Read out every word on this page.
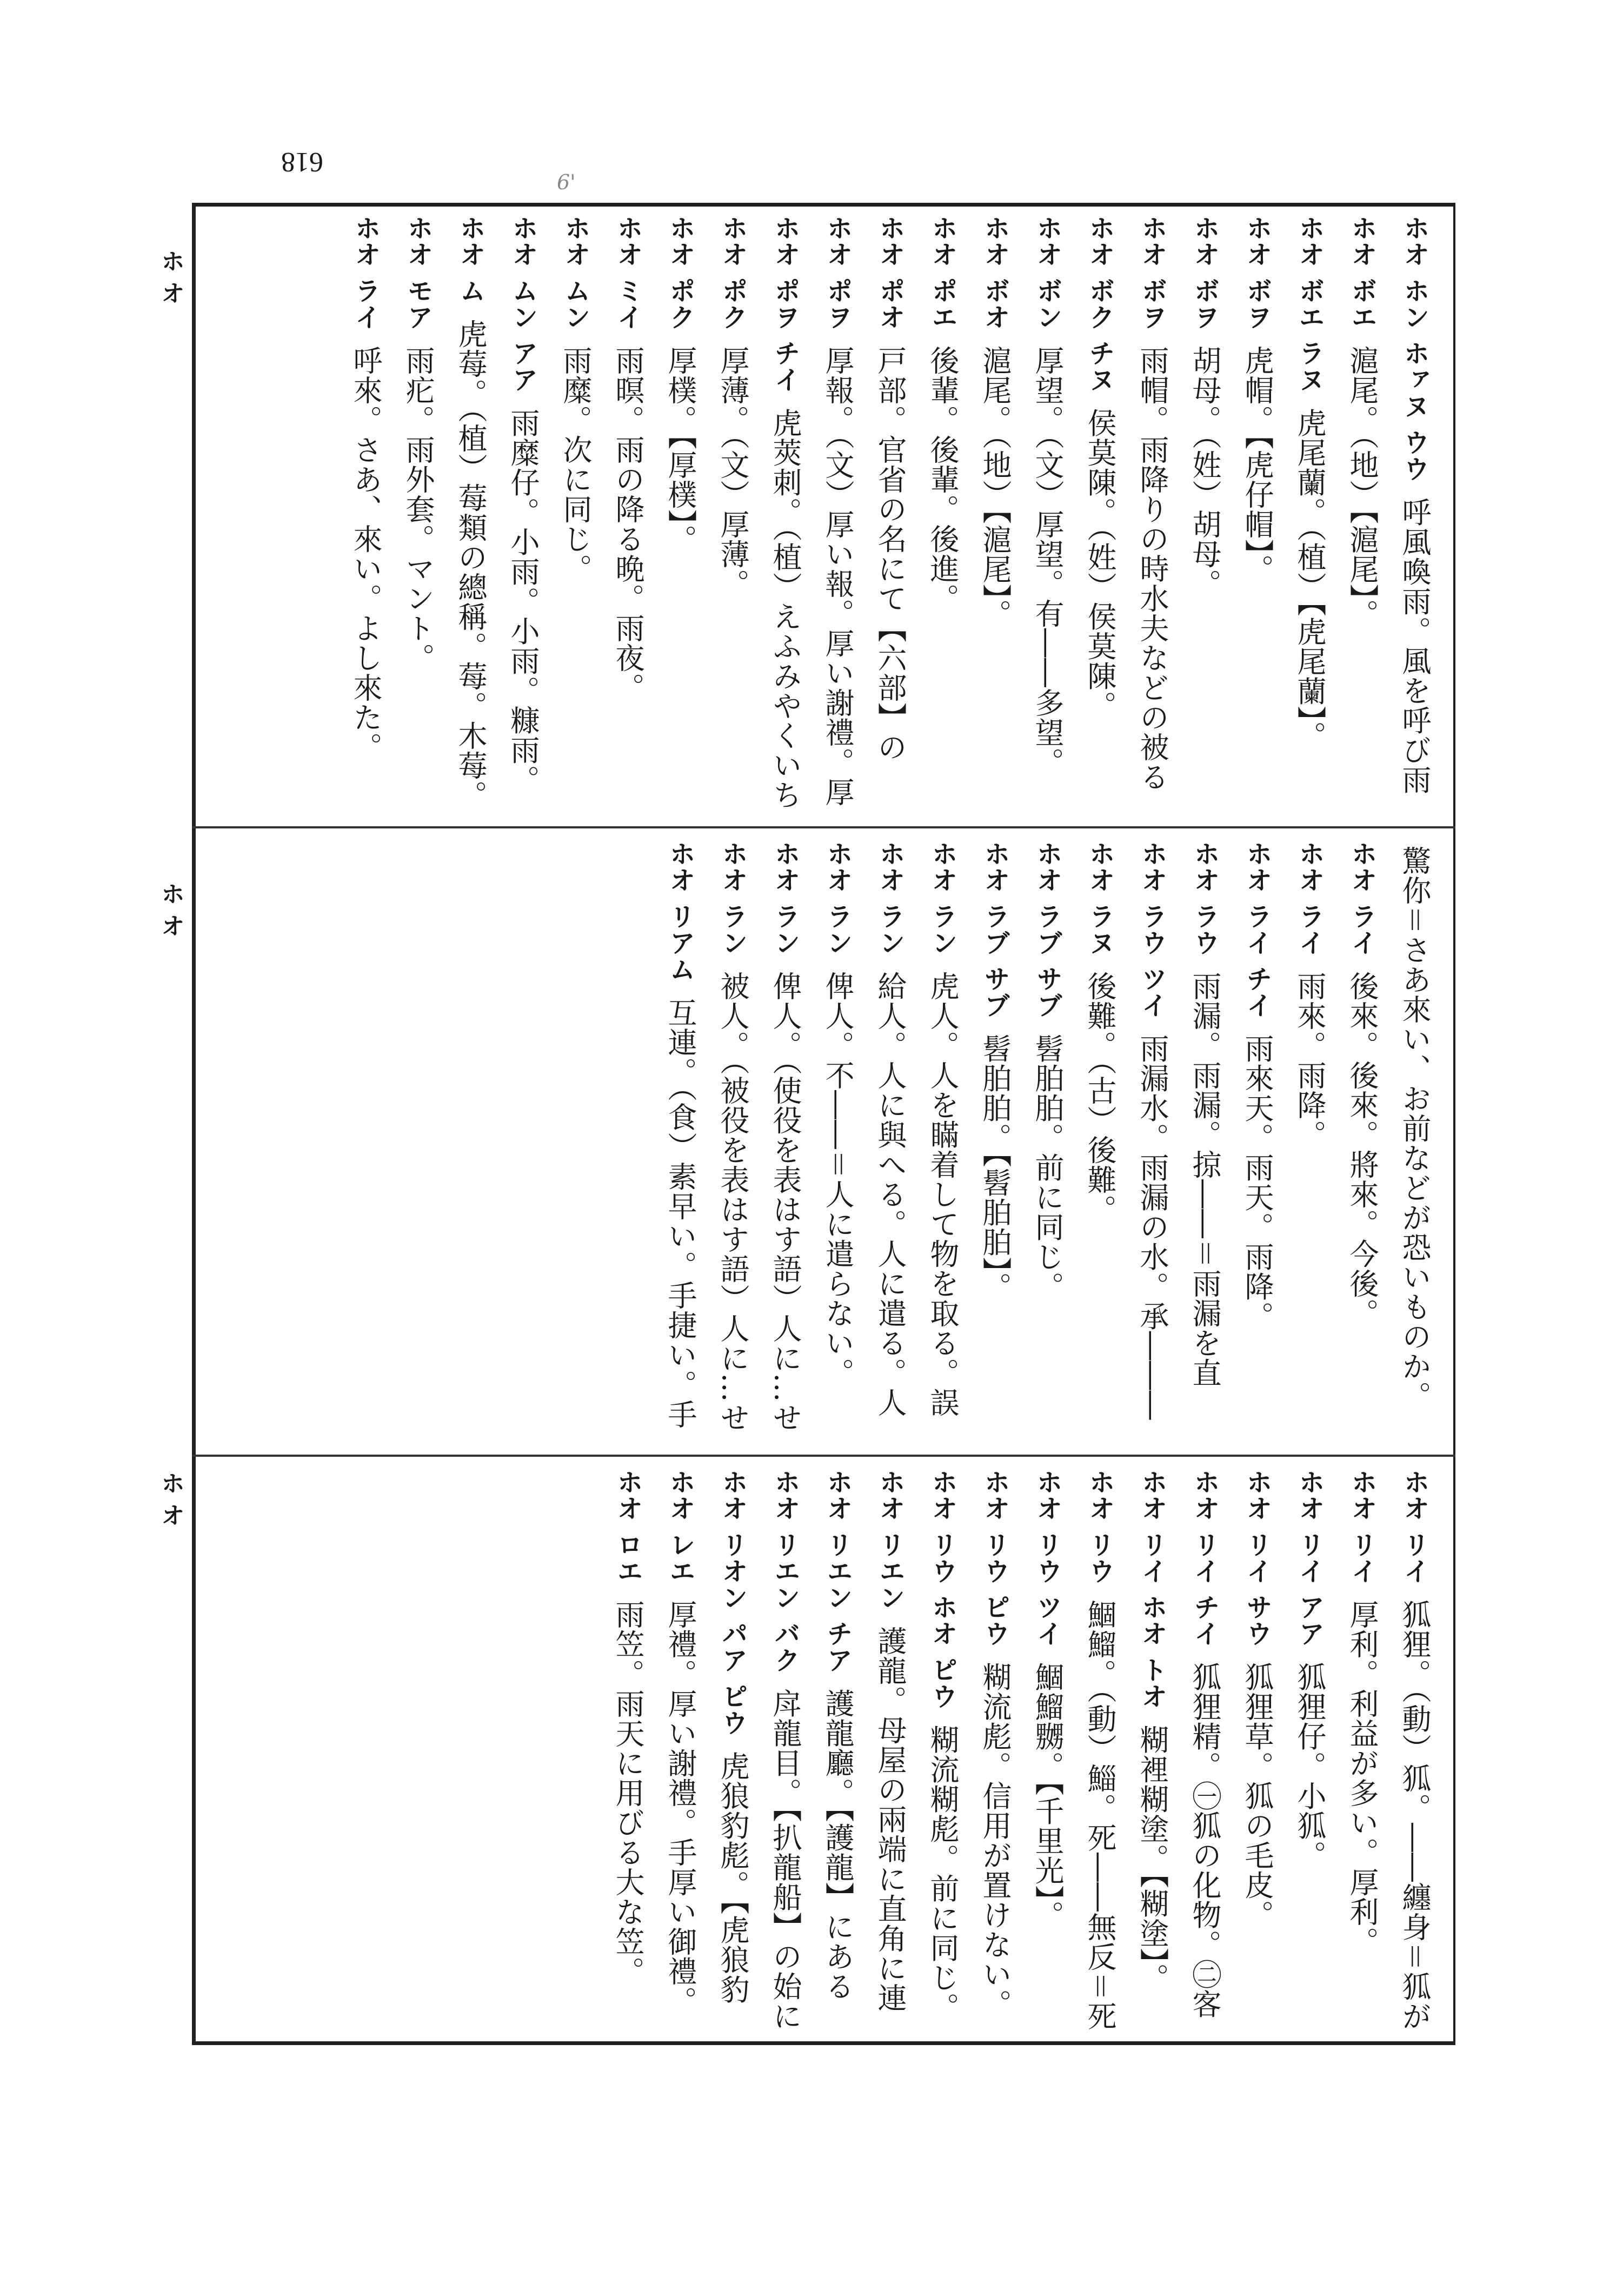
618
6'
ホ オ
ホ オ
ホ オ
ホオ ホン ホァヌ ウウ 呼風喚雨。風を呼び雨
ホオ ボエ 滬尾。（地）【滬尾】。
ホオ ボエ ラヌ 虎尾蘭。（植）【虎尾蘭】。
ホオ ボヲ 虎帽。【虎仔帽】。
ホオ ボヲ 胡母。（姓）胡母。
ホオ ボヲ 雨帽。雨降りの時水夫などの被る
ホオ ボク チヌ 侯莫陳。（姓）侯莫陳。
ホオ ボン 厚望。（文）厚望。有――多望。
ホオ ボオ 滬尾。（地）【滬尾】。
ホオ ポエ 後輩。後輩。後進。
ホオ ポオ 戸部。官省の名にて【六部】の
ホオ ポヲ 厚報。（文）厚い報。厚い謝禮。厚
ホオ ポヲ チイ 虎莢刺。（植）えふみやくいち
ホオ ポク 厚薄。（文）厚薄。
ホオ ポク 厚樸。【厚樸】。
ホオ ミイ 雨暝。雨の降る晩。雨夜。
ホオ ムン 雨糜。次に同じ。
ホオ ムン アア 雨糜仔。小雨。小雨。糠雨。
ホオ ム 虎莓。（植）莓類の總稱。莓。木莓。
ホオ モア 雨疕。雨外套。マント。
ホオ ライ 呼來。さあ、來い。よし來た。
驚你＝さあ來い、お前などが恐いものか。
ホオ ライ 後來。後來。將來。今後。
ホオ ライ 雨來。雨降。
ホオ ライ チイ 雨來天。雨天。雨降。
ホオ ラウ 雨漏。雨漏。掠――＝雨漏を直
ホオ ラウ ツイ 雨漏水。雨漏の水。承―――
ホオ ラヌ 後難。（古）後難。
ホオ ラブ サブ 髫胉胉。前に同じ。
ホオ ラブ サブ 髫胉胉。【髫胉胉】。
ホオ ラン 虎人。人を瞞着して物を取る。誤
ホオ ラン 給人。人に與へる。人に遣る。人
ホオ ラン 俾人。不――＝人に遣らない。
ホオ ラン 俾人。（使役を表はす語）人に…せ
ホオ ラン 被人。（被役を表はす語）人に…せ
ホオ リアム 互連。（食）素早い。手捷い。手
ホオ リイ 狐狸。（動）狐。――纏身＝狐が
ホオ リイ 厚利。利益が多い。厚利。
ホオ リイ アア 狐狸仔。小狐。
ホオ リイ サウ 狐狸草。狐の毛皮。
ホオ リイ チイ 狐狸精。㊀狐の化物。㊁客
ホオ リイ ホオ トオ 糊裡糊塗。【糊塗】。
ホオ リウ 鯝鰡。（動）鯔。死――無反＝死
ホオ リウ ツイ 鯝鰡嬲。【千里光】。
ホオ リウ ピウ 糊流彪。信用が置けない。
ホオ リウ ホオ ピウ 糊流糊彪。前に同じ。
ホオ リエン 護龍。母屋の兩端に直角に連
ホオ リエン チア 護龍廳。【護龍】にある
ホオ リエン バク 戽龍目。【扒龍船】の始に
ホオ リオン パア ピウ 虎狼豹彪。【虎狼豹
ホオ レエ 厚禮。厚い謝禮。手厚い御禮。
ホオ ロエ 雨笠。雨天に用びる大な笠。
